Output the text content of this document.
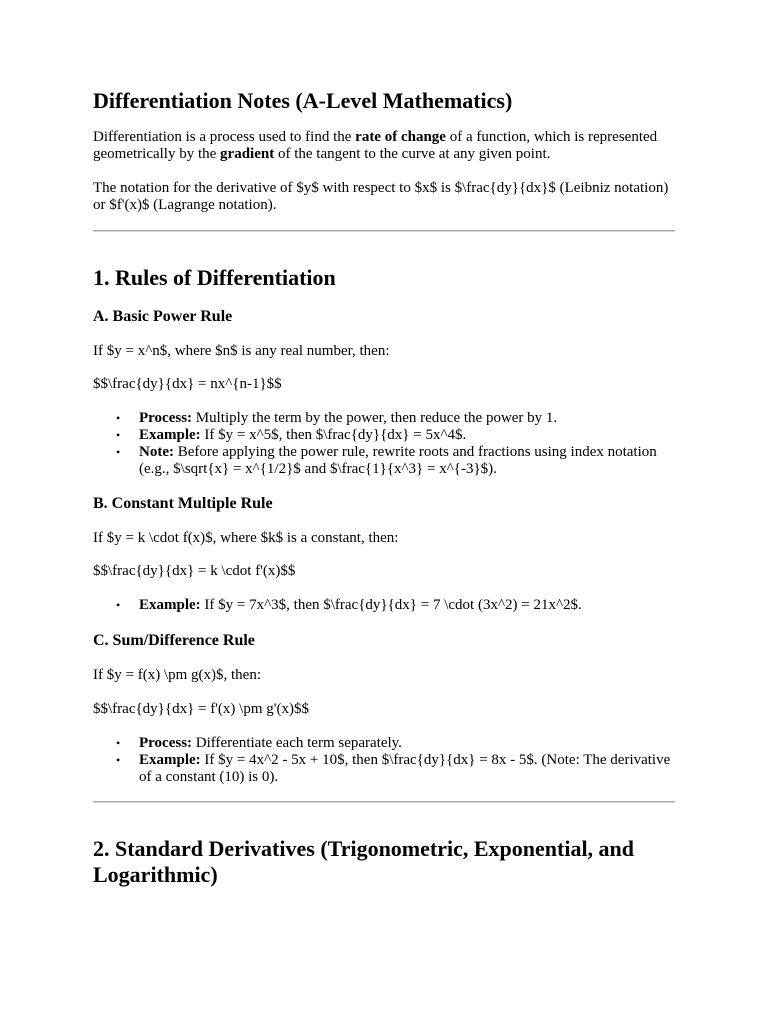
Differentiation Notes (A-Level Mathematics)

Differentiation is a process used to find the rate of change of a function, which is represented geometrically by the gradient of the tangent to the curve at any given point.

The notation for the derivative of $y$ with respect to $x$ is $\frac{dy}{dx}$ (Leibniz notation) or $f'(x)$ (Lagrange notation).

1. Rules of Differentiation
A. Basic Power Rule

If $y = x^n$, where $n$ is any real number, then:

$$\frac{dy}{dx} = nx^{n-1}$$

• Process: Multiply the term by the power, then reduce the power by 1.
• Example: If $y = x^5$, then $\frac{dy}{dx} = 5x^4$.
• Note: Before applying the power rule, rewrite roots and fractions using index notation (e.g., $\sqrt{x} = x^{1/2}$ and $\frac{1}{x^3} = x^{-3}$).
B. Constant Multiple Rule

If $y = k \cdot f(x)$, where $k$ is a constant, then:

$$\frac{dy}{dx} = k \cdot f'(x)$$

• Example: If $y = 7x^3$, then $\frac{dy}{dx} = 7 \cdot (3x^2) = 21x^2$.
C. Sum/Difference Rule

If $y = f(x) \pm g(x)$, then:

$$\frac{dy}{dx} = f'(x) \pm g'(x)$$

• Process: Differentiate each term separately.
• Example: If $y = 4x^2 - 5x + 10$, then $\frac{dy}{dx} = 8x - 5$. (Note: The derivative of a constant (10) is 0).
2. Standard Derivatives (Trigonometric, Exponential, and Logarithmic)
